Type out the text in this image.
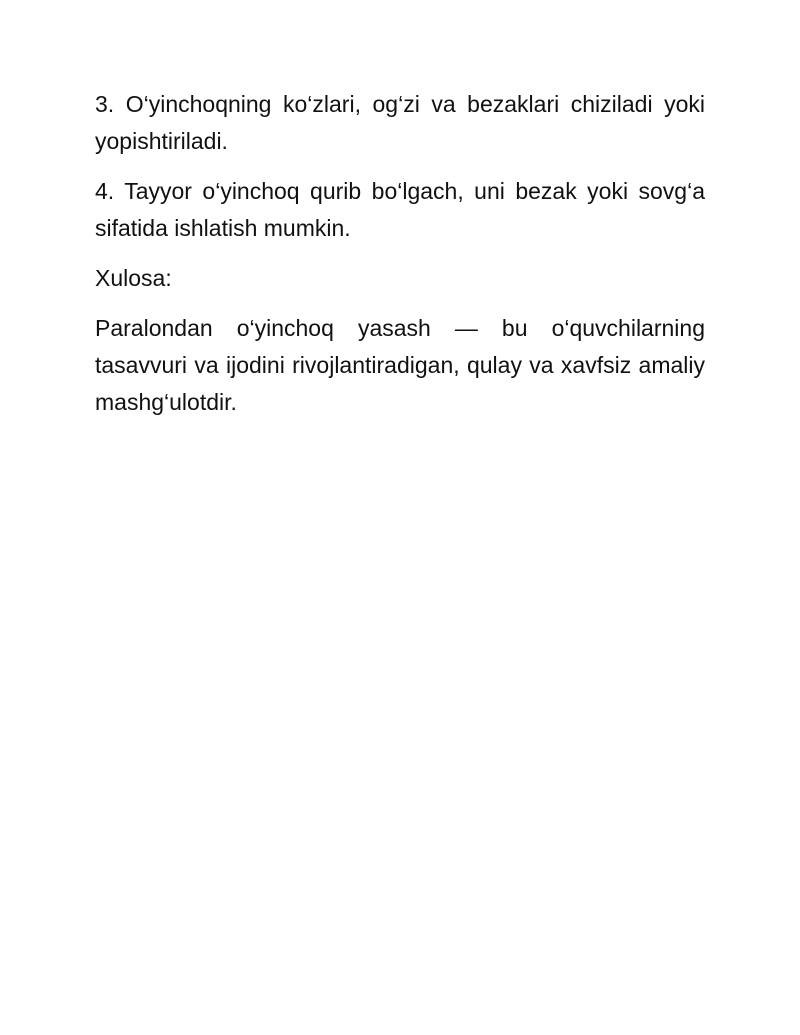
3. O‘yinchoqning ko‘zlari, og‘zi va bezaklari chiziladi yoki yopishtiriladi.

4. Tayyor o‘yinchoq qurib bo‘lgach, uni bezak yoki sovg‘a sifatida ishlatish mumkin.

Xulosa:

Paralondan o‘yinchoq yasash — bu o‘quvchilarning tasavvuri va ijodini rivojlantiradigan, qulay va xavfsiz amaliy mashg‘ulotdir.
